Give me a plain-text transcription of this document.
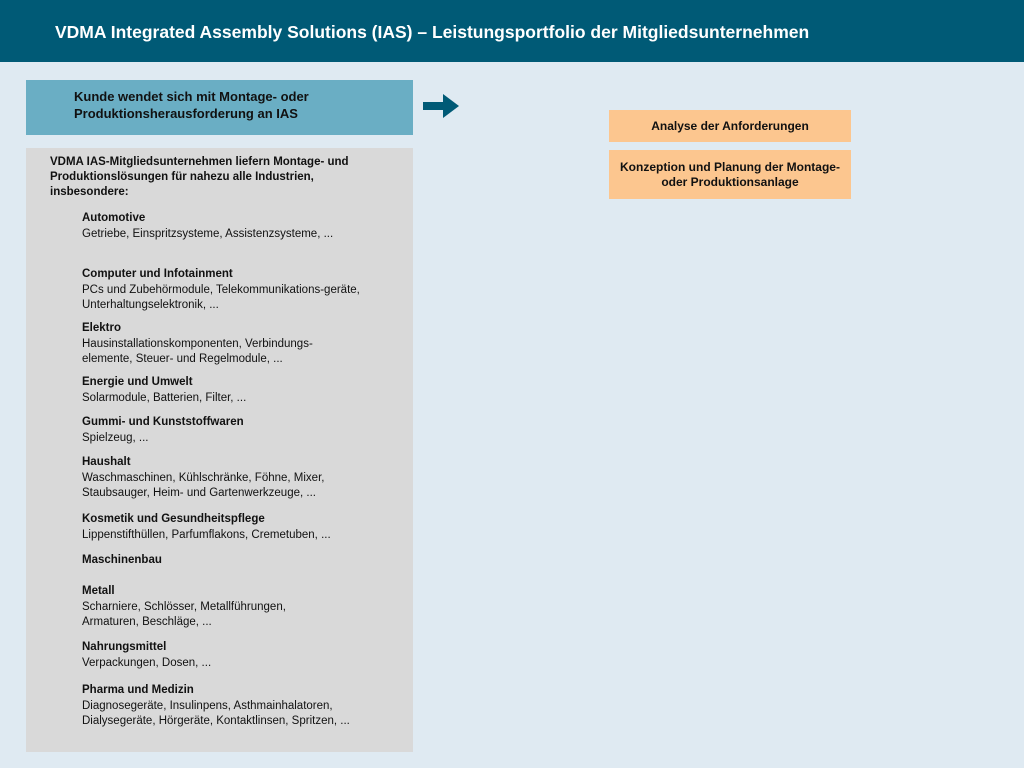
VDMA Integrated Assembly Solutions (IAS) – Leistungsportfolio der Mitgliedsunternehmen
Kunde wendet sich mit Montage- oder Produktionsherausforderung an IAS
VDMA IAS-Mitgliedsunternehmen liefern Montage- und Produktionslösungen für nahezu alle Industrien, insbesondere:
Automotive
Getriebe, Einspritzsysteme, Assistenzsysteme, ...
Computer und Infotainment
PCs und Zubehörmodule, Telekommunikations-geräte, Unterhaltungselektronik, ...
Elektro
Hausinstallationskomponenten, Verbindungs-elemente, Steuer- und Regelmodule, ...
Energie und Umwelt
Solarmodule, Batterien, Filter, ...
Gummi- und Kunststoffwaren
Spielzeug, ...
Haushalt
Waschmaschinen, Kühlschränke, Föhne, Mixer, Staubsauger, Heim- und Gartenwerkzeuge, ...
Kosmetik und Gesundheitspflege
Lippenstifthüllen, Parfumflakons, Cremetuben, ...
Maschinenbau
Metall
Scharniere, Schlösser, Metallführungen, Armaturen, Beschläge, ...
Nahrungsmittel
Verpackungen, Dosen, ...
Pharma und Medizin
Diagnosegeräte, Insulinpens, Asthmainhalatoren, Dialysegeräte, Hörgeräte, Kontaktlinsen, Spritzen, ...
Analyse der Anforderungen
Konzeption und Planung der Montage- oder Produktionsanlage
